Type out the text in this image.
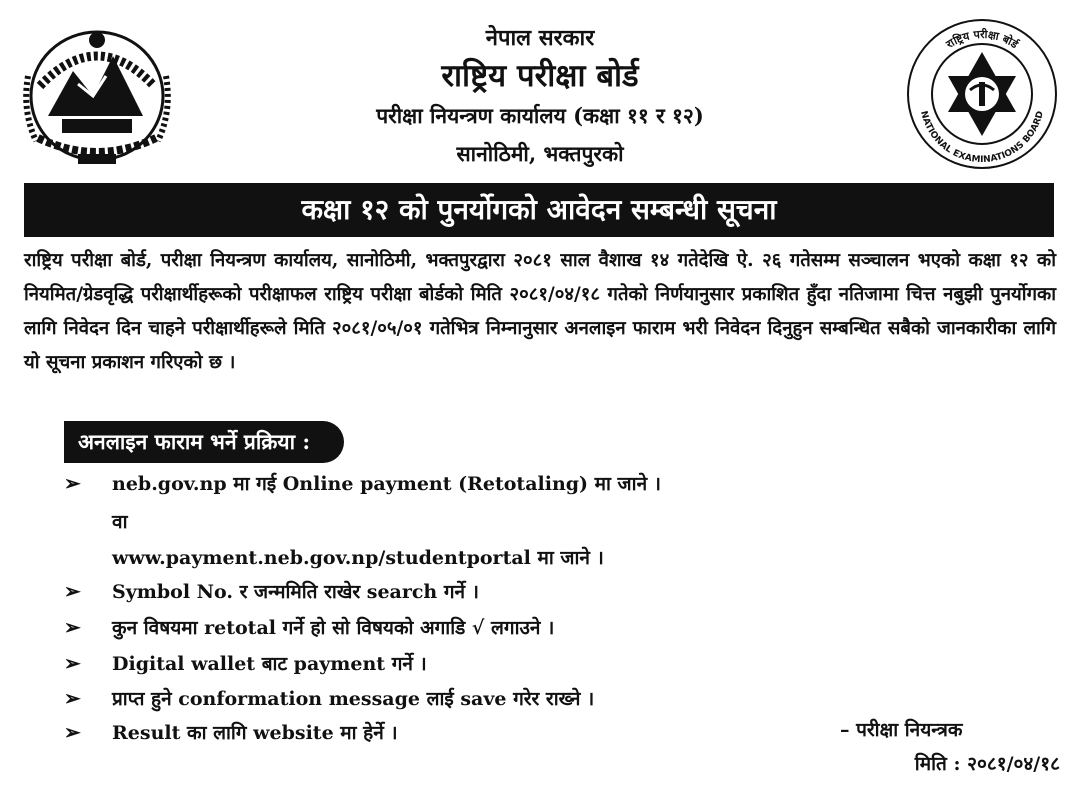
नेपाल सरकार
राष्ट्रिय परीक्षा बोर्ड
परीक्षा नियन्त्रण कार्यालय (कक्षा ११ र १२)
सानोठिमी, भक्तपुरको
राष्ट्रिय परीक्षा बोर्ड
NATIONAL EXAMINATIONS BOARD
कक्षा १२ को पुनर्योगको आवेदन सम्बन्धी सूचना
राष्ट्रिय परीक्षा बोर्ड, परीक्षा नियन्त्रण कार्यालय, सानोठिमी, भक्तपुरद्वारा २०८१ साल वैशाख १४ गतेदेखि ऐ. २६ गतेसम्म सञ्चालन भएको कक्षा १२ को नियमित/ग्रेडवृद्धि परीक्षार्थीहरूको परीक्षाफल राष्ट्रिय परीक्षा बोर्डको मिति २०८१/०४/१८ गतेको निर्णयानुसार प्रकाशित हुँदा नतिजामा चित्त नबुझी पुनर्योगका लागि निवेदन दिन चाहने परीक्षार्थीहरूले मिति २०८१/०५/०१ गतेभित्र निम्नानुसार अनलाइन फाराम भरी निवेदन दिनुहुन सम्बन्धित सबैको जानकारीका लागि यो सूचना प्रकाशन गरिएको छ ।
अनलाइन फाराम भर्ने प्रक्रिया :
➢	neb.gov.np मा गई Online payment (Retotaling) मा जाने ।
वा
www.payment.neb.gov.np/studentportal मा जाने ।
➢	Symbol No. र जन्ममिति राखेर search गर्ने ।
➢	कुन विषयमा retotal गर्ने हो सो विषयको अगाडि √ लगाउने ।
➢	Digital wallet बाट payment गर्ने ।
➢	प्राप्त हुने conformation message लाई save गरेर राख्ने ।
➢	Result का लागि website मा हेर्ने ।	– परीक्षा नियन्त्रक
मिति : २०८१/०४/१८
